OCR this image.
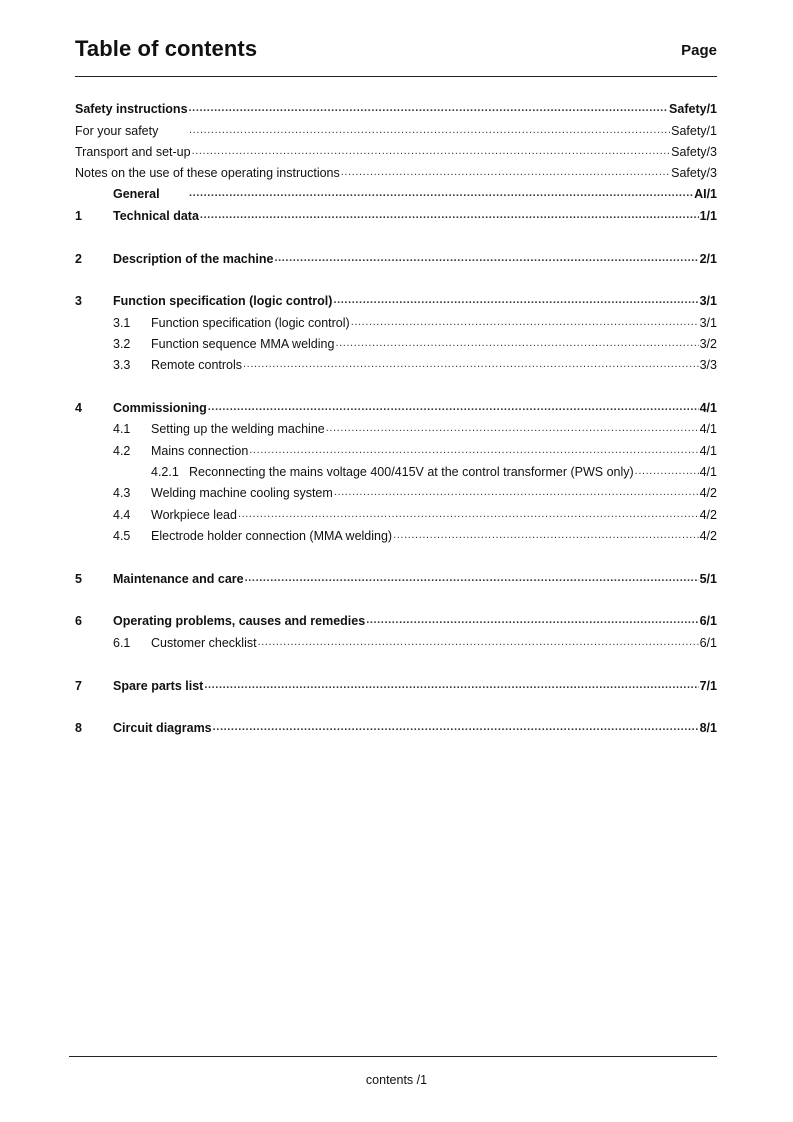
Table of contents	Page
Safety instructions .....	Safety/1
For your safety .....	Safety/1
Transport and set-up .....	Safety/3
Notes on the use of these operating instructions .....	Safety/3
General .....	AI/1
1	Technical data .....	1/1
2	Description of the machine .....	2/1
3	Function specification (logic control) .....	3/1
3.1	Function specification (logic control) .....	3/1
3.2	Function sequence MMA welding .....	3/2
3.3	Remote controls .....	3/3
4	Commissioning .....	4/1
4.1	Setting up the welding machine .....	4/1
4.2	Mains connection .....	4/1
4.2.1 Reconnecting the mains voltage 400/415V at the control transformer (PWS only) .....	4/1
4.3	Welding machine cooling system .....	4/2
4.4	Workpiece lead .....	4/2
4.5	Electrode holder connection (MMA welding) .....	4/2
5	Maintenance and care .....	5/1
6	Operating problems, causes and remedies .....	6/1
6.1	Customer checklist .....	6/1
7	Spare parts list .....	7/1
8	Circuit diagrams .....	8/1
contents /1
